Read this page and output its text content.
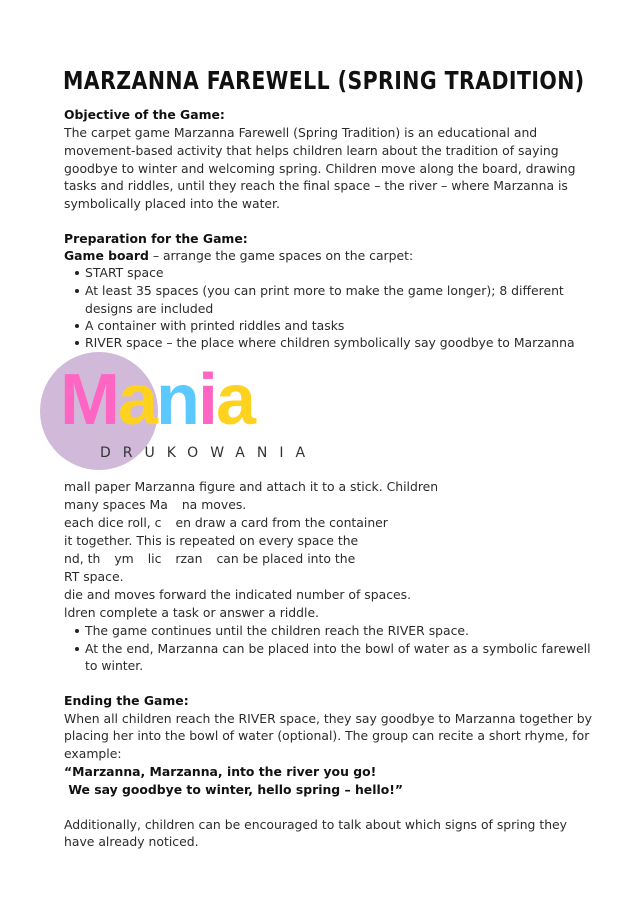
MARZANNA FAREWELL (SPRING TRADITION)
Objective of the Game:
The carpet game Marzanna Farewell (Spring Tradition) is an educational and
movement-based activity that helps children learn about the tradition of saying
goodbye to winter and welcoming spring. Children move along the board, drawing
tasks and riddles, until they reach the final space – the river – where Marzanna is
symbolically placed into the water.
Preparation for the Game:
Game board – arrange the game spaces on the carpet:
START space
At least 35 spaces (you can print more to make the game longer); 8 different
designs are included
A container with printed riddles and tasks
RIVER space – the place where children symbolically say goodbye to Marzanna
Mania
DRUKOWANIA
mall paper Marzanna figure and attach it to a stick. Children
many spaces Ma na moves.
each dice roll, c en draw a card from the container
it together. This is repeated on every space the
nd, th ym lic rzan can be placed into the
RT space.
die and moves forward the indicated number of spaces.
ldren complete a task or answer a riddle.
The game continues until the children reach the RIVER space.
At the end, Marzanna can be placed into the bowl of water as a symbolic farewell
to winter.
Ending the Game:
When all children reach the RIVER space, they say goodbye to Marzanna together by
placing her into the bowl of water (optional). The group can recite a short rhyme, for
example:
“Marzanna, Marzanna, into the river you go!
We say goodbye to winter, hello spring – hello!”
Additionally, children can be encouraged to talk about which signs of spring they
have already noticed.
